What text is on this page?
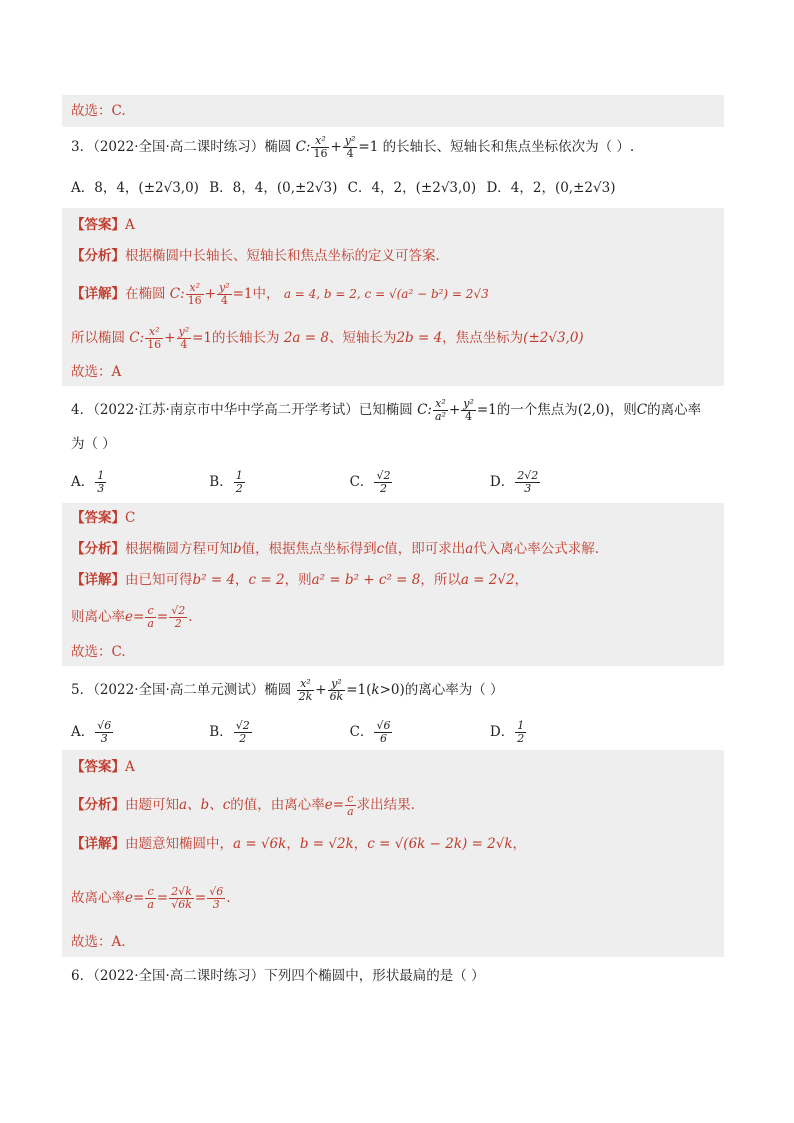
故选：C.
3．（2022·全国·高二课时练习）椭圆 C: $\frac{\text{x²}}{16} + \frac{\text{y²}}{4} =1$ 的长轴长、短轴长和焦点坐标依次为（ ）.
A．8，4，(±2√3,0) B．8，4，(0,±2√3) C．4，2，(±2√3,0) D．4，2，(0,±2√3)
【答案】A
【分析】根据椭圆中长轴长、短轴长和焦点坐标的定义可答案.
【详解】在椭圆 C: $\frac{\text{x²}}{16} + \frac{\text{y²}}{4} =1$中， a = 4, b = 2, c = √(a² − b²) = 2√3
所以椭圆 C: $\frac{\text{x²}}{16} + \frac{\text{y²}}{4} =1$的长轴长为 2a = 8、短轴长为2b = 4，焦点坐标为(±2√3,0)
故选：A
4．（2022·江苏·南京市中华中学高二开学考试）已知椭圆 C: $\frac{\text{x²}}{\text{a²}} + \frac{\text{y²}}{4} =1$的一个焦点为(2,0)，则C的离心率
为（ ）
A． $\frac{1}{3}$	B． $\frac{1}{2}$	C． $\frac{√2}{2}$	D． $\frac{2√2}{3}$
【答案】C
【分析】根据椭圆方程可知b值，根据焦点坐标得到c值，即可求出a代入离心率公式求解.
【详解】由已知可得b² = 4，c = 2，则a² = b² + c² = 8，所以a = 2√2，
则离心率$e= \frac{c}{a} = \frac{√2}{2}$ .
故选：C.
5．（2022·全国·高二单元测试）椭圆 $\frac{\text{x²}}{2k} + \frac{\text{y²}}{6k} =1(k>0)$的离心率为（ ）
A． $\frac{√6}{3}$	B． $\frac{√2}{2}$	C． $\frac{√6}{6}$	D． $\frac{1}{2}$
【答案】A
【分析】由题可知a、b、c的值，由离心率$e= \frac{c}{a}$ 求出结果.
【详解】由题意知椭圆中，a = √6k，b = √2k，c = √(6k − 2k) = 2√k，
故离心率$e= \frac{c}{a} = \frac{2√k}{√6k} = \frac{√6}{3}$ .
故选：A.
6．（2022·全国·高二课时练习）下列四个椭圆中，形状最扁的是（ ）
